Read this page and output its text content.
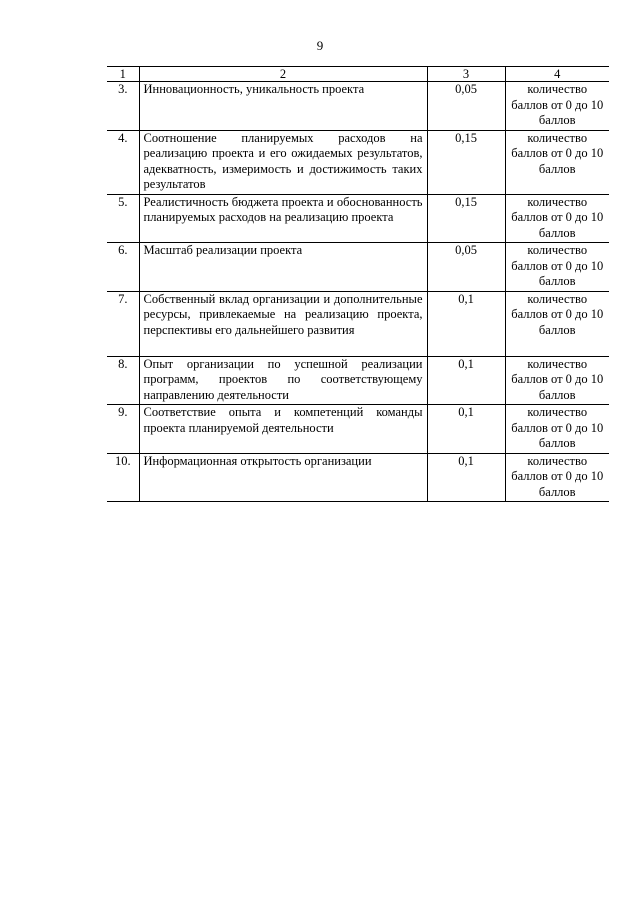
9
1	2	3	4
3.	Инновационность, уникальность проекта	0,05	количество баллов от 0 до 10 баллов
4.	Соотношение планируемых расходов на реализацию проекта и его ожидаемых результатов, адекватность, измеримость и достижимость таких результатов	0,15	количество баллов от 0 до 10 баллов
5.	Реалистичность бюджета проекта и обоснованность планируемых расходов на реализацию проекта	0,15	количество баллов от 0 до 10 баллов
6.	Масштаб реализации проекта	0,05	количество баллов от 0 до 10 баллов
7.	Собственный вклад организации и дополнительные ресурсы, привлекаемые на реализацию проекта, перспективы его дальнейшего развития	0,1	количество баллов от 0 до 10 баллов
8.	Опыт организации по успешной реализации программ, проектов по соответствующему направлению деятельности	0,1	количество баллов от 0 до 10 баллов
9.	Соответствие опыта и компетенций команды проекта планируемой деятельности	0,1	количество баллов от 0 до 10 баллов
10.	Информационная открытость организации	0,1	количество баллов от 0 до 10 баллов
